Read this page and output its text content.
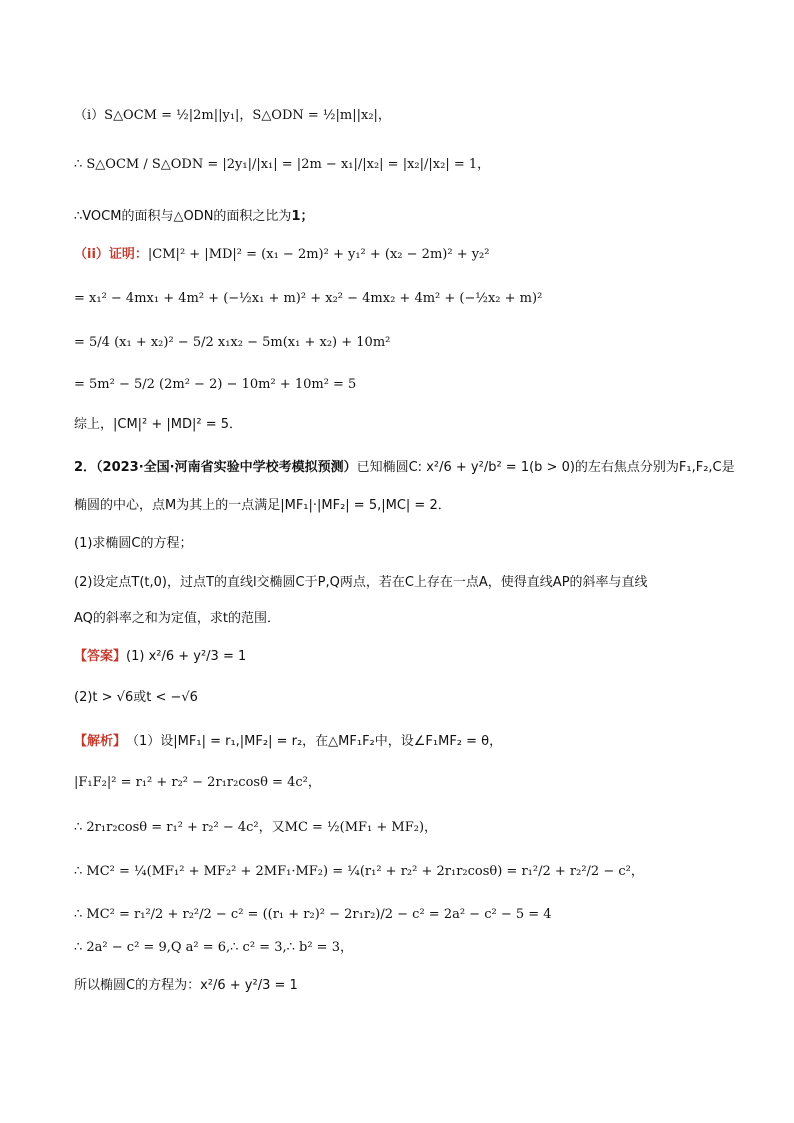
（i）S△OCM = ½|2m||y₁|，S△ODN = ½|m||x₂|，
∴ S△OCM / S△ODN = |2y₁|/|x₁| = |2m − x₁|/|x₂| = |x₂|/|x₂| = 1，
∴VOCM的面积与△ODN的面积之比为 1；
（ii）证明： |CM|² + |MD|² = (x₁ − 2m)² + y₁² + (x₂ − 2m)² + y₂²
= x₁² − 4mx₁ + 4m² + (−½x₁ + m)² + x₂² − 4mx₂ + 4m² + (−½x₂ + m)²
= 5/4 (x₁ + x₂)² − 5/2 x₁x₂ − 5m(x₁ + x₂) + 10m²
= 5m² − 5/2 (2m² − 2) − 10m² + 10m² = 5
综上，|CM|² + |MD|² = 5．
2．（2023·全国·河南省实验中学校考模拟预测） 已知椭圆C: x²/6 + y²/b² = 1(b > 0)的左右焦点分别为F₁,F₂,C是
椭圆的中心，点M为其上的一点满足|MF₁|·|MF₂| = 5,|MC| = 2．
(1)求椭圆C的方程；
(2)设定点T(t,0)，过点T的直线l交椭圆C于P,Q两点，若在C上存在一点A，使得直线AP的斜率与直线
AQ的斜率之和为定值，求t的范围．
【答案】 (1) x²/6 + y²/3 = 1
(2)t > √6或t < −√6
【解析】 （1）设|MF₁| = r₁,|MF₂| = r₂，在△MF₁F₂中，设∠F₁MF₂ = θ，
|F₁F₂|² = r₁² + r₂² − 2r₁r₂cosθ = 4c²，
∴ 2r₁r₂cosθ = r₁² + r₂² − 4c²，又MC = ½(MF₁ + MF₂)，
∴ MC² = ¼(MF₁² + MF₂² + 2MF₁·MF₂) = ¼(r₁² + r₂² + 2r₁r₂cosθ) = r₁²/2 + r₂²/2 − c²，
∴ MC² = r₁²/2 + r₂²/2 − c² = ((r₁ + r₂)² − 2r₁r₂)/2 − c² = 2a² − c² − 5 = 4
∴ 2a² − c² = 9,Q a² = 6,∴ c² = 3,∴ b² = 3，
所以椭圆C的方程为：x²/6 + y²/3 = 1
